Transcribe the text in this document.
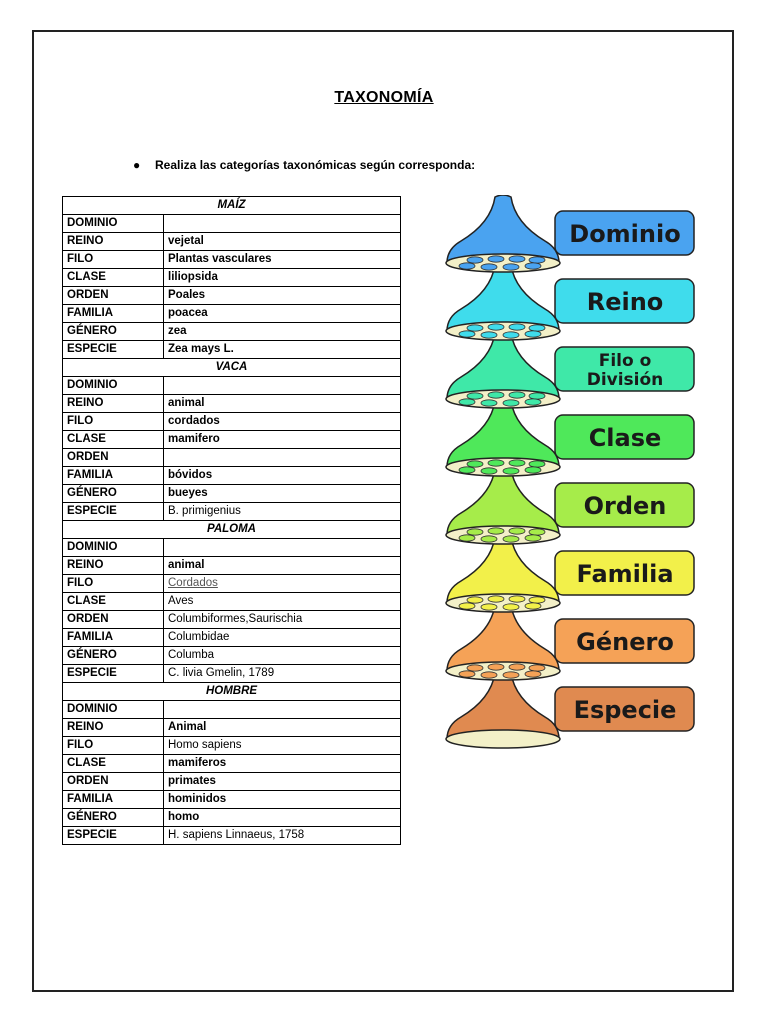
TAXONOMÍA
● Realiza las categorías taxonómicas según corresponda:
MAÍZ	
DOMINIO	
REINO	vejetal
FILO	Plantas vasculares
CLASE	liliopsida
ORDEN	Poales
FAMILIA	poacea
GÉNERO	zea
ESPECIE	Zea mays L.
VACA	
DOMINIO	
REINO	animal
FILO	cordados
CLASE	mamifero
ORDEN	
FAMILIA	bóvidos
GÉNERO	bueyes
ESPECIE	B. primigenius
PALOMA	
DOMINIO	
REINO	animal
FILO	Cordados
CLASE	Aves
ORDEN	Columbiformes,Saurischia
FAMILIA	Columbidae
GÉNERO	Columba
ESPECIE	C. livia Gmelin, 1789
HOMBRE	
DOMINIO	
REINO	Animal
FILO	Homo sapiens
CLASE	mamiferos
ORDEN	primates
FAMILIA	hominidos
GÉNERO	homo
ESPECIE	H. sapiens Linnaeus, 1758
Especie
Género
Familia
Orden
Clase
Filo o
División
Reino
Dominio
